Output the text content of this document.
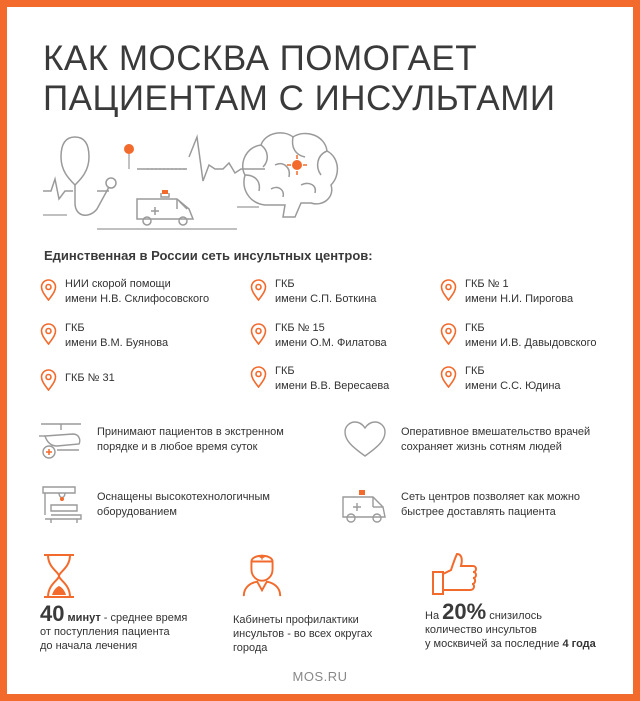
КАК МОСКВА ПОМОГАЕТ
ПАЦИЕНТАМ С ИНСУЛЬТАМИ
Единственная в России сеть инсультных центров:
НИИ скорой помощи
имени Н.В. Склифосовского
ГКБ
имени С.П. Боткина
ГКБ № 1
имени Н.И. Пирогова
ГКБ
имени В.М. Буянова
ГКБ № 15
имени О.М. Филатова
ГКБ
имени И.В. Давыдовского
ГКБ № 31
ГКБ
имени В.В. Вересаева
ГКБ
имени С.С. Юдина
Принимают пациентов в экстренном
порядке и в любое время суток
Оперативное вмешательство врачей
сохраняет жизнь сотням людей
Оснащены высокотехнологичным
оборудованием
Сеть центров позволяет как можно
быстрее доставлять пациента
40 минут - среднее время
от поступления пациента
до начала лечения
Кабинеты профилактики
инсультов - во всех округах
города
На 20% снизилось
количество инсультов
у москвичей за последние 4 года
MOS.RU
